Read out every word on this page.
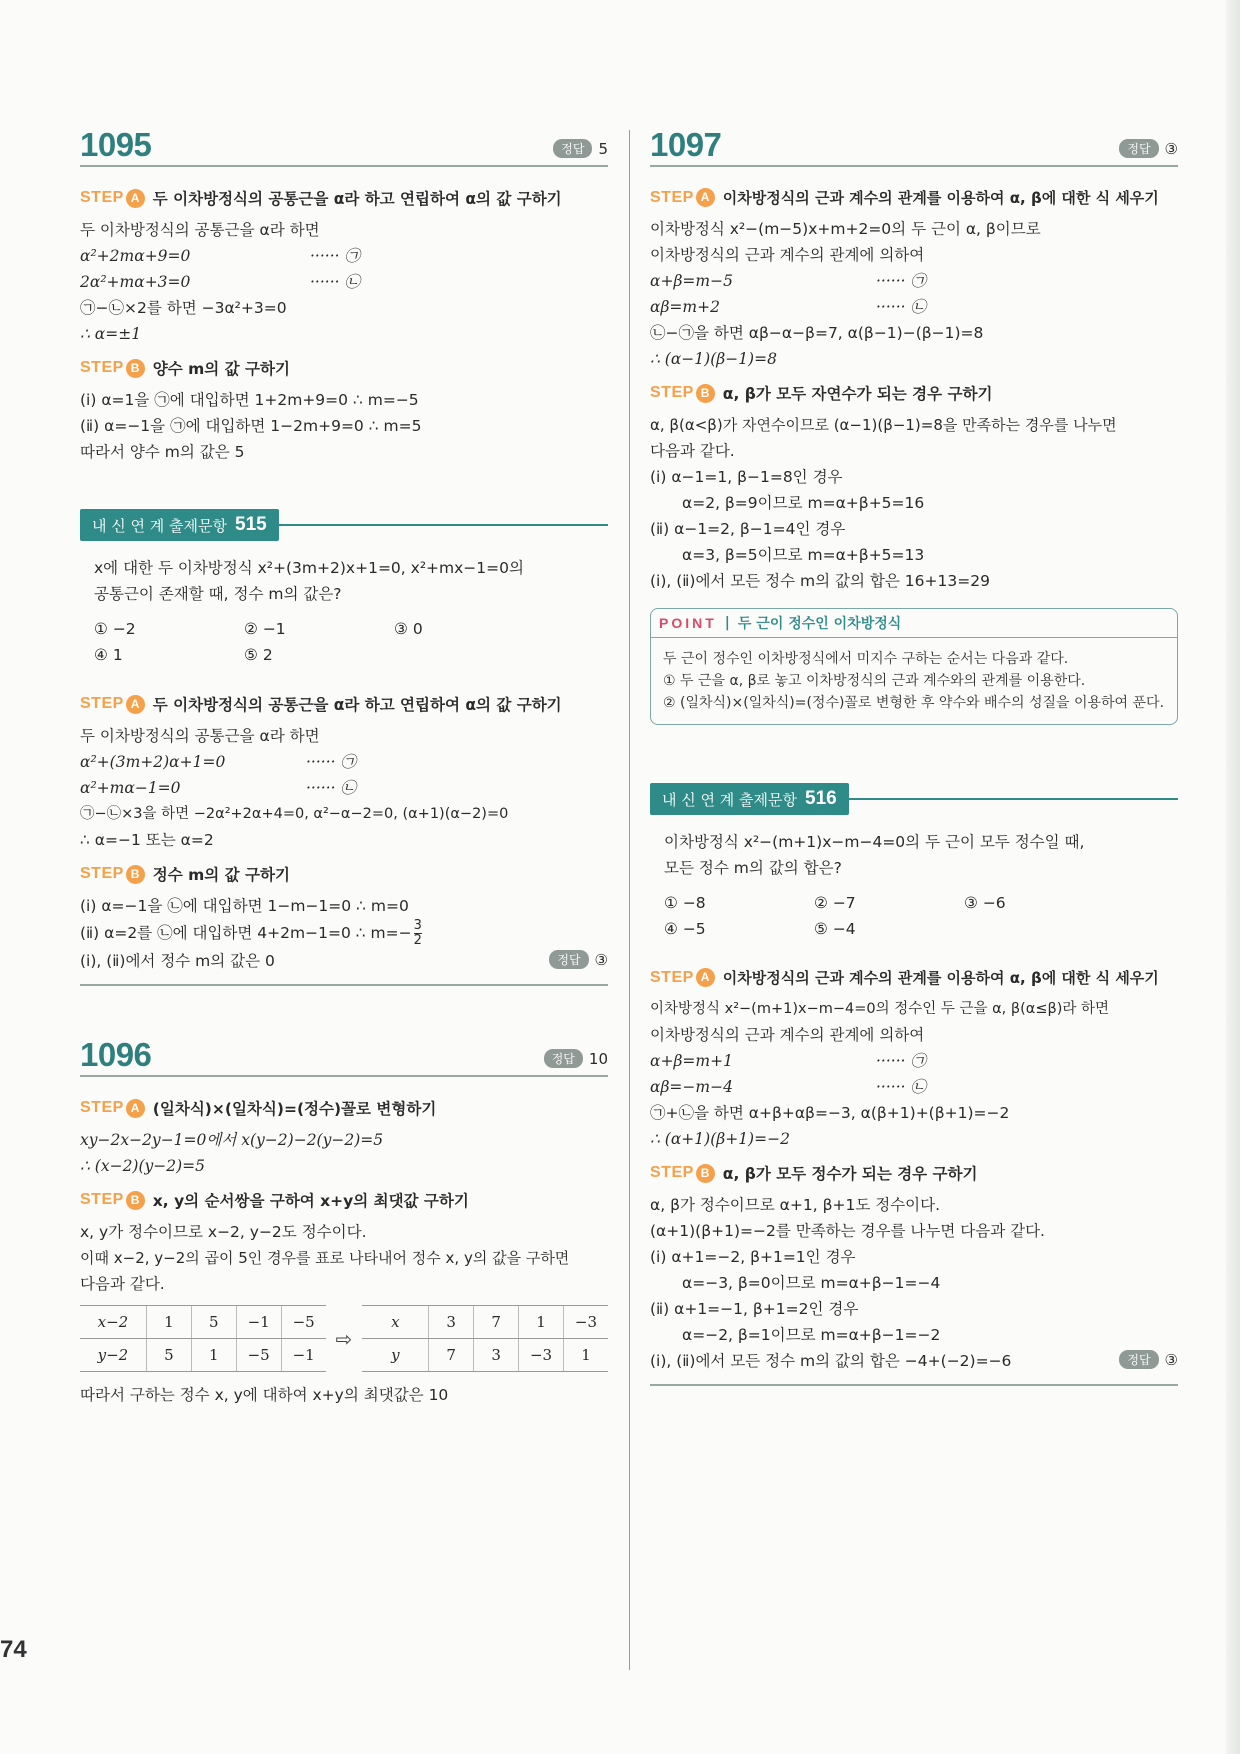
1095	정답 5
STEP A 두 이차방정식의 공통근을 α라 하고 연립하여 α의 값 구하기
두 이차방정식의 공통근을 α라 하면
α²+2mα+9=0	······ ㉠
2α²+mα+3=0	······ ㉡
㉠−㉡×2를 하면 −3α²+3=0
∴ α=±1
STEP B 양수 m의 값 구하기
(ⅰ) α=1을 ㉠에 대입하면 1+2m+9=0 ∴ m=−5
(ⅱ) α=−1을 ㉠에 대입하면 1−2m+9=0 ∴ m=5
따라서 양수 m의 값은 5
내 신 연 계 출제문항 515
x에 대한 두 이차방정식 x²+(3m+2)x+1=0, x²+mx−1=0의
공통근이 존재할 때, 정수 m의 값은?
① −2	② −1	③ 0
④ 1	⑤ 2
STEP A 두 이차방정식의 공통근을 α라 하고 연립하여 α의 값 구하기
두 이차방정식의 공통근을 α라 하면
α²+(3m+2)α+1=0	······ ㉠
α²+mα−1=0	······ ㉡
㉠−㉡×3을 하면 −2α²+2α+4=0, α²−α−2=0, (α+1)(α−2)=0
∴ α=−1 또는 α=2
STEP B 정수 m의 값 구하기
(ⅰ) α=−1을 ㉡에 대입하면 1−m−1=0 ∴ m=0
(ⅱ) α=2를 ㉡에 대입하면 4+2m−1=0 ∴ $m=- \frac{3}{2}$
(ⅰ), (ⅱ)에서 정수 m의 값은 0	정답 ③
1096	정답 10
STEP A (일차식)×(일차식)=(정수)꼴로 변형하기
xy−2x−2y−1=0에서 x(y−2)−2(y−2)=5
∴ (x−2)(y−2)=5
STEP B x, y의 순서쌍을 구하여 x+y의 최댓값 구하기
x, y가 정수이므로 x−2, y−2도 정수이다.
이때 x−2, y−2의 곱이 5인 경우를 표로 나타내어 정수 x, y의 값을 구하면
다음과 같다.
x−2	1	5	−1	−5
y−2	5	1	−5	−1
⇨
x	3	7	1	−3
y	7	3	−3	1
따라서 구하는 정수 x, y에 대하여 x+y의 최댓값은 10
1097	정답 ③
STEP A 이차방정식의 근과 계수의 관계를 이용하여 α, β에 대한 식 세우기
이차방정식 x²−(m−5)x+m+2=0의 두 근이 α, β이므로
이차방정식의 근과 계수의 관계에 의하여
α+β=m−5	······ ㉠
αβ=m+2	······ ㉡
㉡−㉠을 하면 αβ−α−β=7, α(β−1)−(β−1)=8
∴ (α−1)(β−1)=8
STEP B α, β가 모두 자연수가 되는 경우 구하기
α, β(α<β)가 자연수이므로 (α−1)(β−1)=8을 만족하는 경우를 나누면
다음과 같다.
(ⅰ) α−1=1, β−1=8인 경우
α=2, β=9이므로 m=α+β+5=16
(ⅱ) α−1=2, β−1=4인 경우
α=3, β=5이므로 m=α+β+5=13
(ⅰ), (ⅱ)에서 모든 정수 m의 값의 합은 16+13=29
POINT | 두 근이 정수인 이차방정식
두 근이 정수인 이차방정식에서 미지수 구하는 순서는 다음과 같다.
① 두 근을 α, β로 놓고 이차방정식의 근과 계수와의 관계를 이용한다.
② (일차식)×(일차식)=(정수)꼴로 변형한 후 약수와 배수의 성질을 이용하여 푼다.
내 신 연 계 출제문항 516
이차방정식 x²−(m+1)x−m−4=0의 두 근이 모두 정수일 때,
모든 정수 m의 값의 합은?
① −8	② −7	③ −6
④ −5	⑤ −4
STEP A 이차방정식의 근과 계수의 관계를 이용하여 α, β에 대한 식 세우기
이차방정식 x²−(m+1)x−m−4=0의 정수인 두 근을 α, β(α≤β)라 하면
이차방정식의 근과 계수의 관계에 의하여
α+β=m+1	······ ㉠
αβ=−m−4	······ ㉡
㉠+㉡을 하면 α+β+αβ=−3, α(β+1)+(β+1)=−2
∴ (α+1)(β+1)=−2
STEP B α, β가 모두 정수가 되는 경우 구하기
α, β가 정수이므로 α+1, β+1도 정수이다.
(α+1)(β+1)=−2를 만족하는 경우를 나누면 다음과 같다.
(ⅰ) α+1=−2, β+1=1인 경우
α=−3, β=0이므로 m=α+β−1=−4
(ⅱ) α+1=−1, β+1=2인 경우
α=−2, β=1이므로 m=α+β−1=−2
(ⅰ), (ⅱ)에서 모든 정수 m의 값의 합은 −4+(−2)=−6	정답 ③
74
